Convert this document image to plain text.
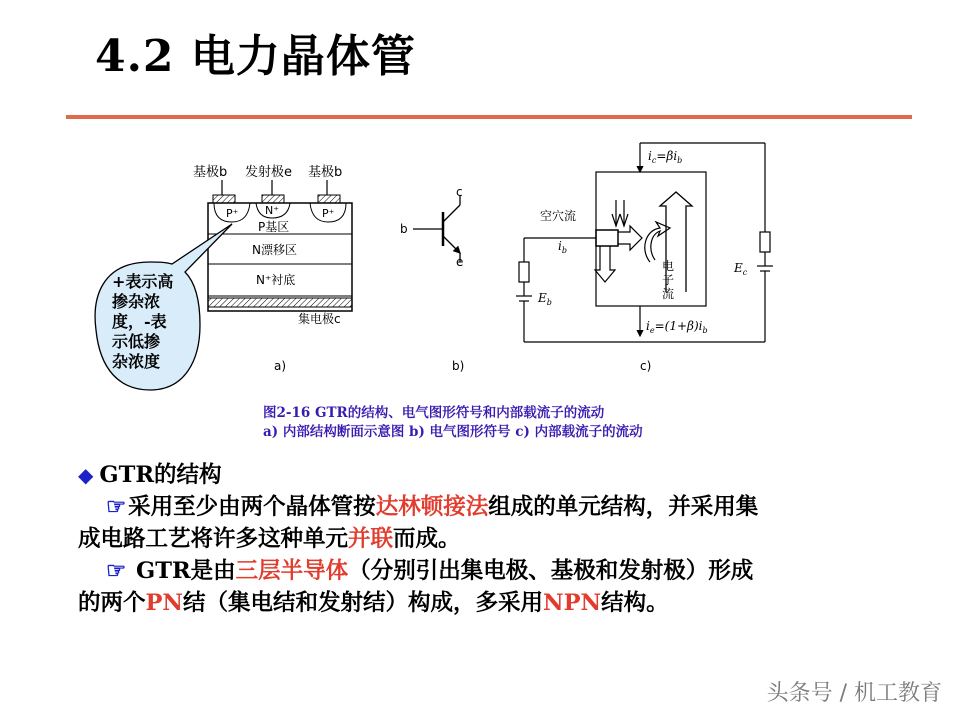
4.2 电力晶体管
基极b 发射极e 基极b
P⁺ N⁺	P⁺
P基区
N漂移区
N⁺衬底
集电极c
a)
+表示高
掺杂浓
度，-表
示低掺
杂浓度
c
b
e
b)
$i_c=\beta i_b$
$i_b$
$E_b$
$E_c$
$i_e=(1+\beta)i_b$
空穴流
电
子
流
c)
图2-16 GTR的结构、电气图形符号和内部载流子的流动
a) 内部结构断面示意图 b) 电气图形符号 c) 内部载流子的流动
◆ GTR的结构
☞采用至少由两个晶体管按达林顿接法组成的单元结构，并采用集
成电路工艺将许多这种单元并联而成。
☞ GTR是由三层半导体（分别引出集电极、基极和发射极）形成
的两个PN结（集电结和发射结）构成，多采用NPN结构。
头条号 / 机工教育
